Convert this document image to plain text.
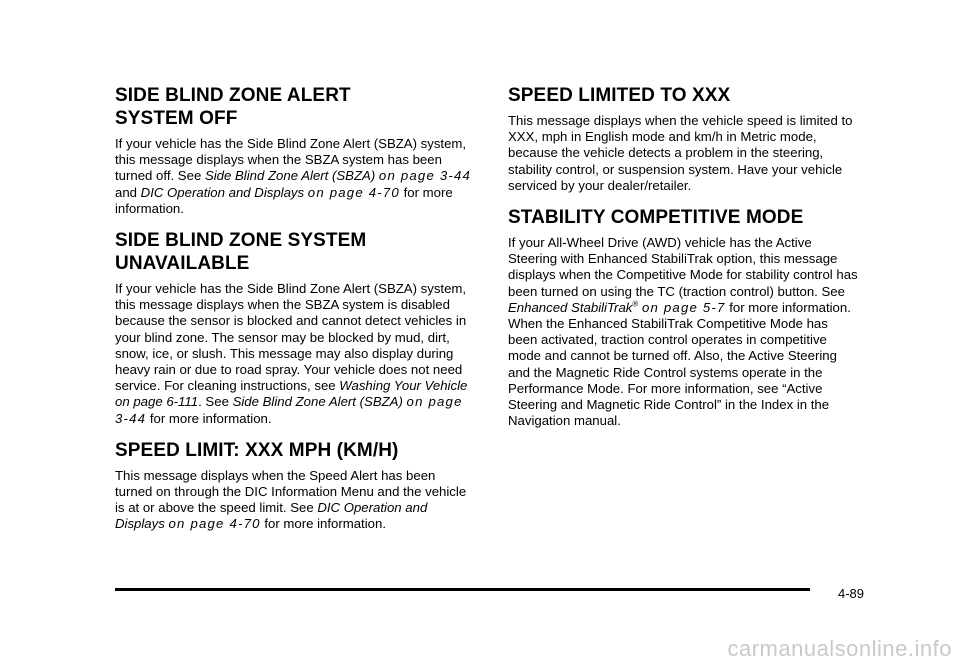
SIDE BLIND ZONE ALERT
SYSTEM OFF

If your vehicle has the Side Blind Zone Alert (SBZA) system, this message displays when the SBZA system has been turned off. See Side Blind Zone Alert (SBZA) on page 3-44 and DIC Operation and Displays on page 4-70 for more information.

SIDE BLIND ZONE SYSTEM
UNAVAILABLE

If your vehicle has the Side Blind Zone Alert (SBZA) system, this message displays when the SBZA system is disabled because the sensor is blocked and cannot detect vehicles in your blind zone. The sensor may be blocked by mud, dirt, snow, ice, or slush. This message may also display during heavy rain or due to road spray. Your vehicle does not need service. For cleaning instructions, see Washing Your Vehicle on page 6-111. See Side Blind Zone Alert (SBZA) on page 3-44 for more information.

SPEED LIMIT: XXX MPH (KM/H)

This message displays when the Speed Alert has been turned on through the DIC Information Menu and the vehicle is at or above the speed limit. See DIC Operation and Displays on page 4-70 for more information.

SPEED LIMITED TO XXX

This message displays when the vehicle speed is limited to XXX, mph in English mode and km/h in Metric mode, because the vehicle detects a problem in the steering, stability control, or suspension system. Have your vehicle serviced by your dealer/retailer.

STABILITY COMPETITIVE MODE

If your All-Wheel Drive (AWD) vehicle has the Active Steering with Enhanced StabiliTrak option, this message displays when the Competitive Mode for stability control has been turned on using the TC (traction control) button. See Enhanced StabiliTrak® on page 5-7 for more information. When the Enhanced StabiliTrak Competitive Mode has been activated, traction control operates in competitive mode and cannot be turned off. Also, the Active Steering and the Magnetic Ride Control systems operate in the Performance Mode. For more information, see “Active Steering and Magnetic Ride Control” in the Index in the Navigation manual.

4-89
carmanualsonline.info
